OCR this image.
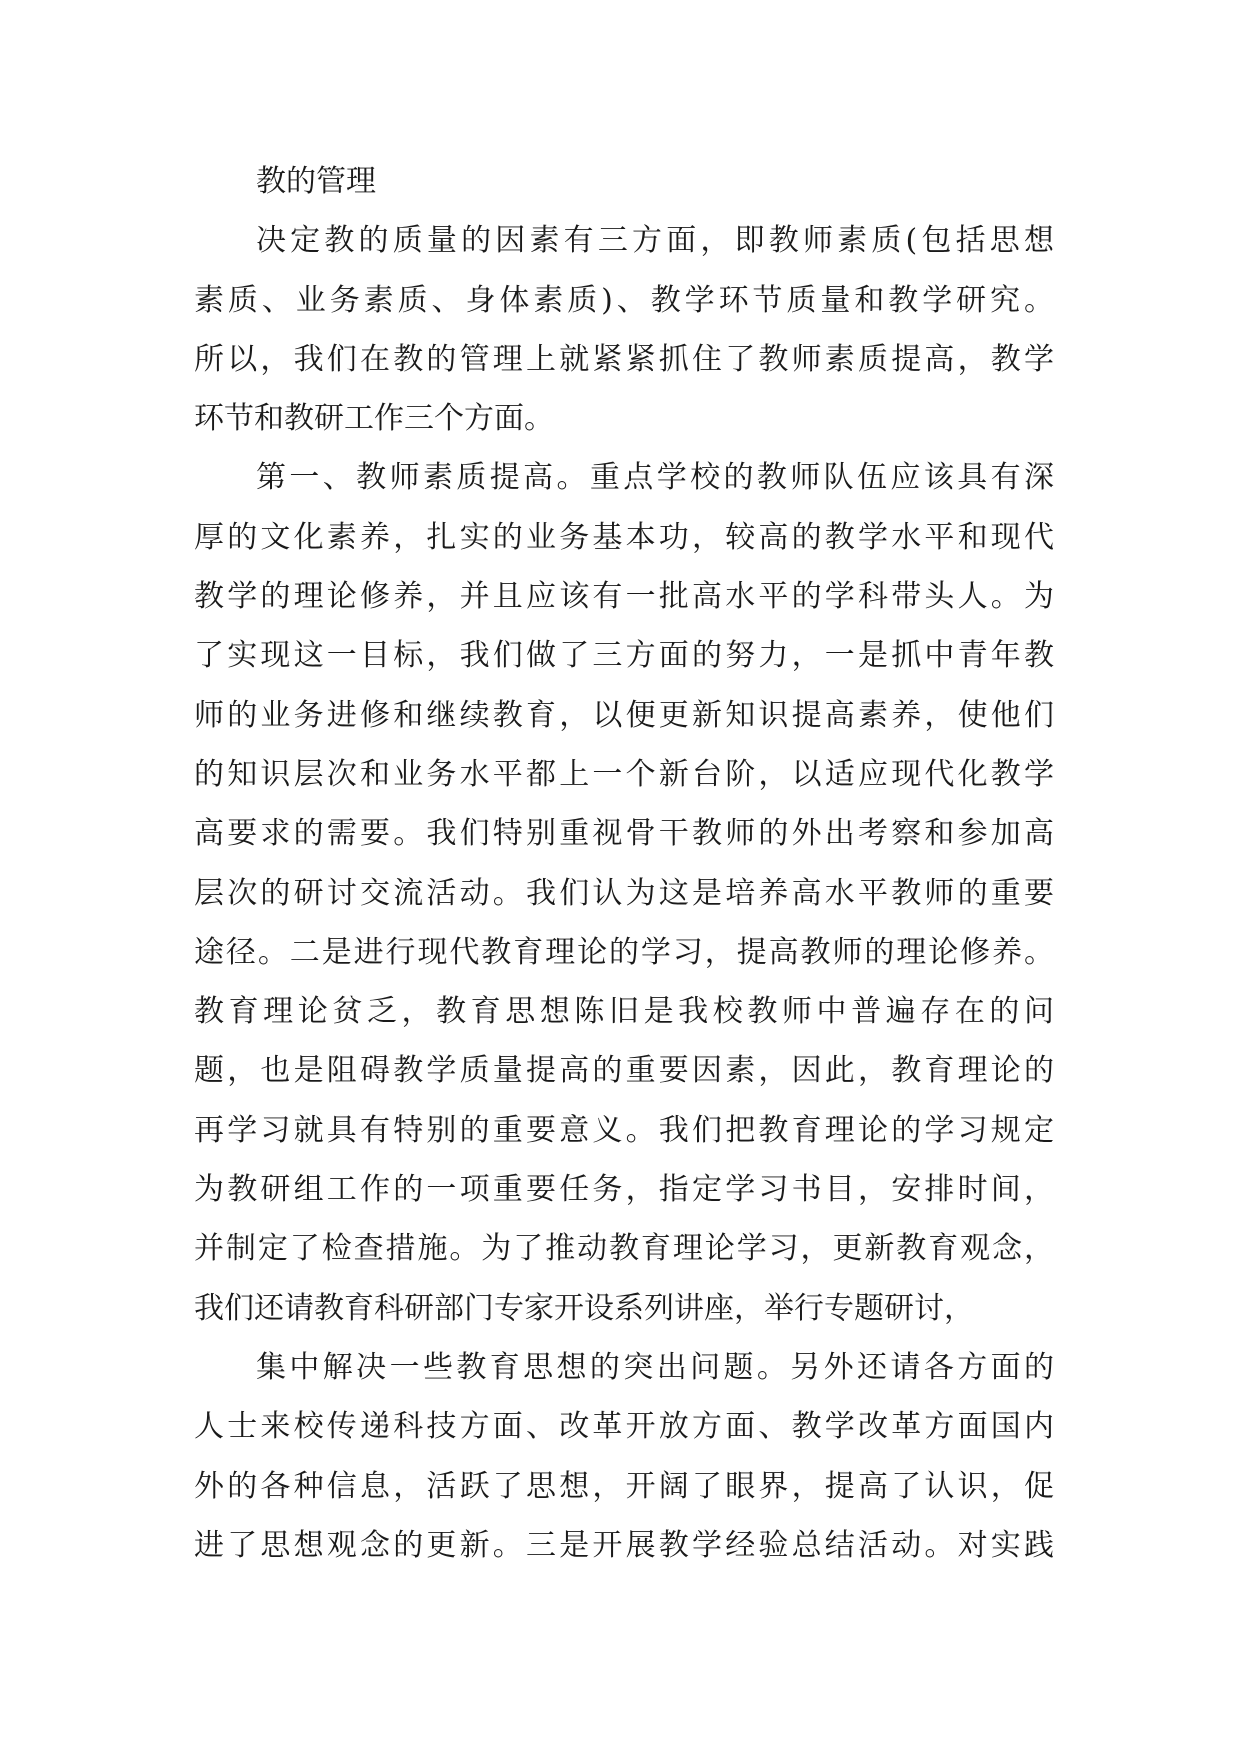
教的管理
决定教的质量的因素有三方面，即教师素质(包括思想
素质、业务素质、身体素质)、教学环节质量和教学研究。
所以，我们在教的管理上就紧紧抓住了教师素质提高，教学
环节和教研工作三个方面。
第一、教师素质提高。重点学校的教师队伍应该具有深
厚的文化素养，扎实的业务基本功，较高的教学水平和现代
教学的理论修养，并且应该有一批高水平的学科带头人。为
了实现这一目标，我们做了三方面的努力，一是抓中青年教
师的业务进修和继续教育，以便更新知识提高素养，使他们
的知识层次和业务水平都上一个新台阶，以适应现代化教学
高要求的需要。我们特别重视骨干教师的外出考察和参加高
层次的研讨交流活动。我们认为这是培养高水平教师的重要
途径。二是进行现代教育理论的学习，提高教师的理论修养。
教育理论贫乏，教育思想陈旧是我校教师中普遍存在的问
题，也是阻碍教学质量提高的重要因素，因此，教育理论的
再学习就具有特别的重要意义。我们把教育理论的学习规定
为教研组工作的一项重要任务，指定学习书目，安排时间，
并制定了检查措施。为了推动教育理论学习，更新教育观念，
我们还请教育科研部门专家开设系列讲座，举行专题研讨，
集中解决一些教育思想的突出问题。另外还请各方面的
人士来校传递科技方面、改革开放方面、教学改革方面国内
外的各种信息，活跃了思想，开阔了眼界，提高了认识，促
进了思想观念的更新。三是开展教学经验总结活动。对实践
